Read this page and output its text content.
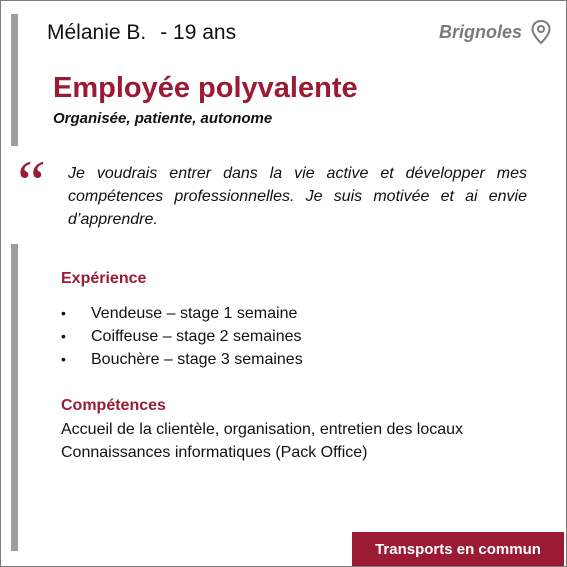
Mélanie B. - 19 ans	Brignoles
Employée polyvalente
Organisée, patiente, autonome
“ Je voudrais entrer dans la vie active et développer mes compétences professionnelles. Je suis motivée et ai envie d’apprendre.

Expérience
•	Vendeuse – stage 1 semaine
•	Coiffeuse – stage 2 semaines
•	Bouchère – stage 3 semaines
Compétences
Accueil de la clientèle, organisation, entretien des locaux
Connaissances informatiques (Pack Office)
Transports en commun
